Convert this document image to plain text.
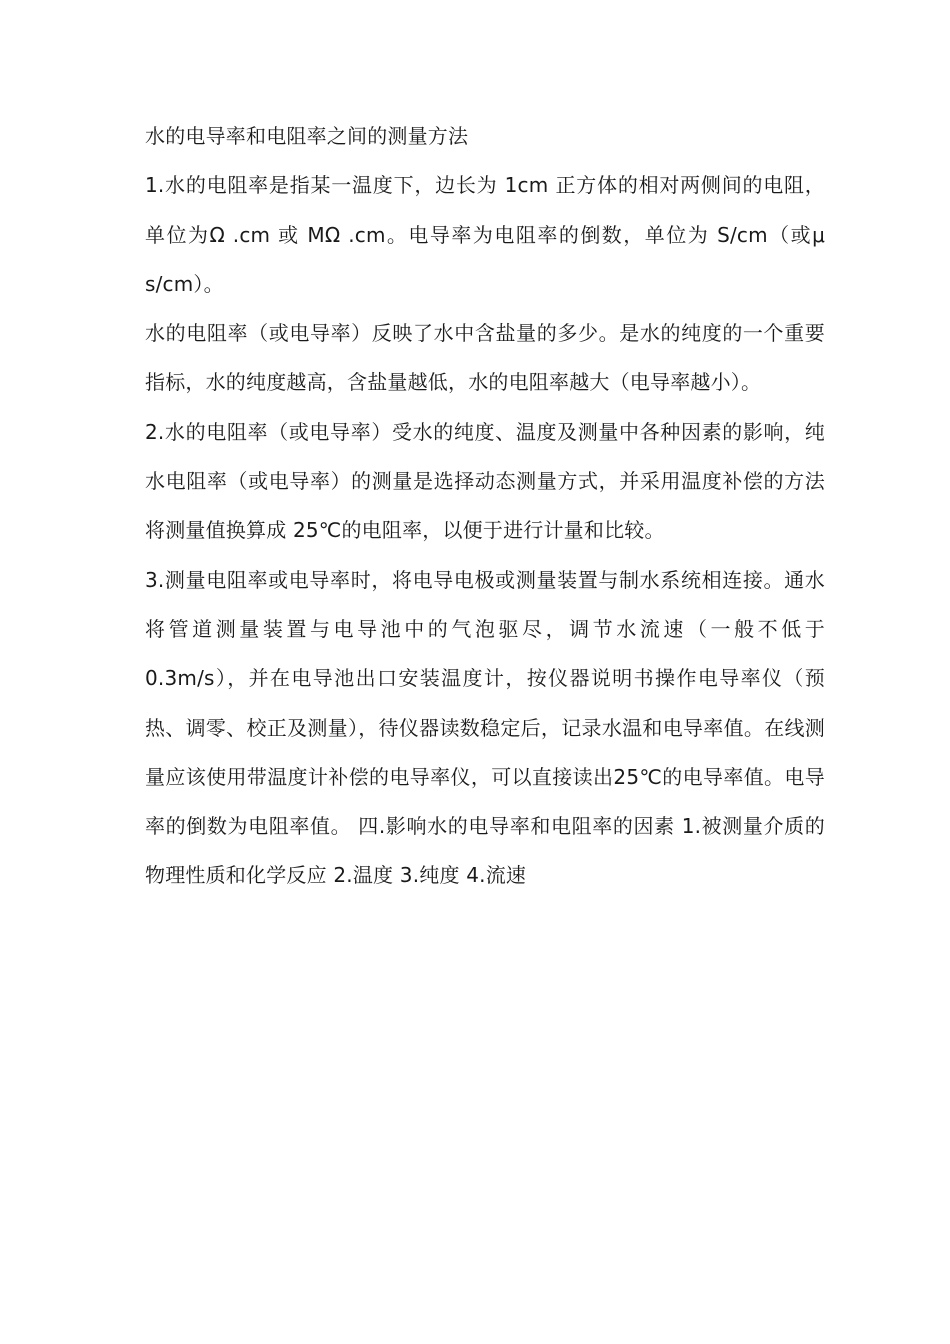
水的电导率和电阻率之间的测量方法

1.水的电阻率是指某一温度下，边长为 1cm 正方体的相对两侧间的电阻，单位为Ω .cm 或 MΩ .cm。电导率为电阻率的倒数，单位为 S/cm（或μ s/cm）。

水的电阻率（或电导率）反映了水中含盐量的多少。是水的纯度的一个重要指标，水的纯度越高，含盐量越低，水的电阻率越大（电导率越小）。

2.水的电阻率（或电导率）受水的纯度、温度及测量中各种因素的影响，纯水电阻率（或电导率）的测量是选择动态测量方式，并采用温度补偿的方法将测量值换算成 25℃的电阻率，以便于进行计量和比较。

3.测量电阻率或电导率时，将电导电极或测量装置与制水系统相连接。通水将管道测量装置与电导池中的气泡驱尽，调节水流速（一般不低于 0.3m/s），并在电导池出口安装温度计，按仪器说明书操作电导率仪（预热、调零、校正及测量），待仪器读数稳定后，记录水温和电导率值。在线测量应该使用带温度计补偿的电导率仪，可以直接读出25℃的电导率值。电导率的倒数为电阻率值。 四.影响水的电导率和电阻率的因素 1.被测量介质的物理性质和化学反应 2.温度 3.纯度 4.流速
